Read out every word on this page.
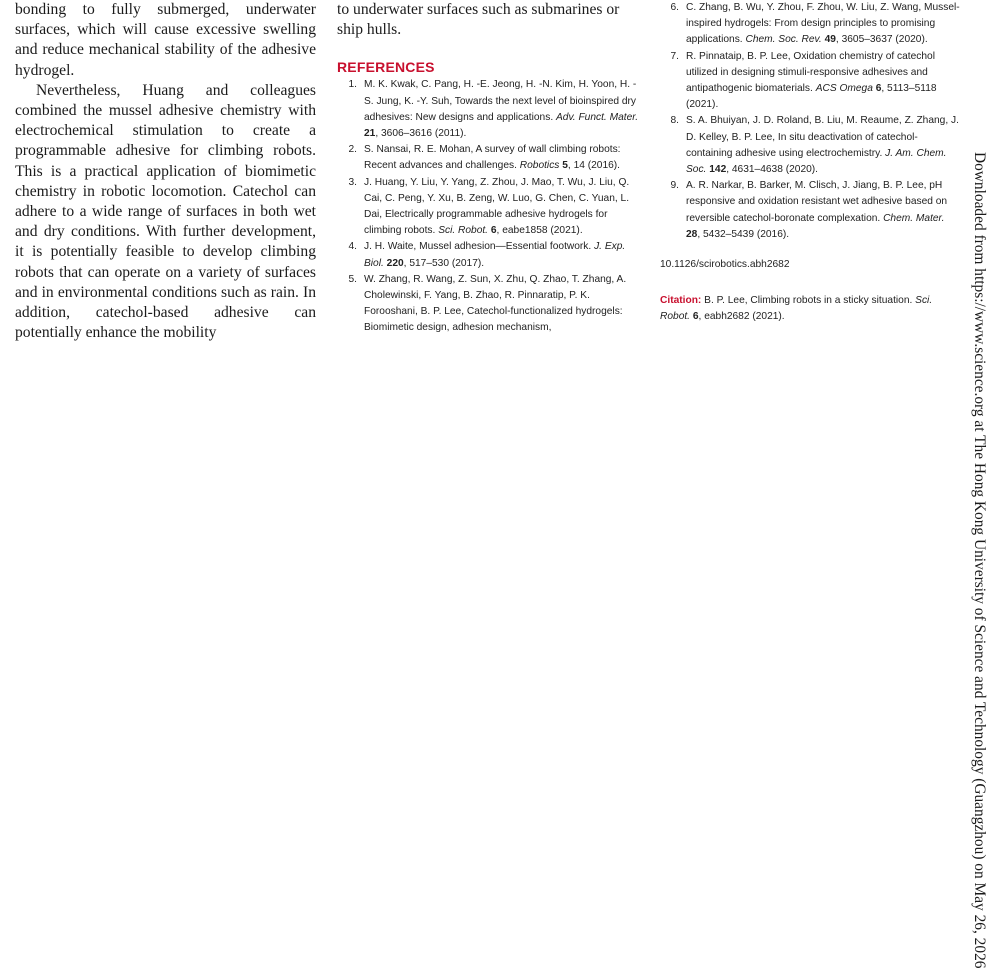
bonding to fully submerged, underwater surfaces, which will cause excessive swelling and reduce mechanical stability of the adhesive hydrogel.

Nevertheless, Huang and colleagues combined the mussel adhesive chemistry with electrochemical stimulation to create a programmable adhesive for climbing robots. This is a practical application of biomimetic chemistry in robotic locomotion. Catechol can adhere to a wide range of surfaces in both wet and dry conditions. With further development, it is potentially feasible to develop climbing robots that can operate on a variety of surfaces and in environmental conditions such as rain. In addition, catechol-based adhesive can potentially enhance the mobility

to underwater surfaces such as submarines or ship hulls.

REFERENCES
1. M. K. Kwak, C. Pang, H. -E. Jeong, H. -N. Kim, H. Yoon, H. -S. Jung, K. -Y. Suh, Towards the next level of bioinspired dry adhesives: New designs and applications. Adv. Funct. Mater. 21, 3606–3616 (2011).
2. S. Nansai, R. E. Mohan, A survey of wall climbing robots: Recent advances and challenges. Robotics 5, 14 (2016).
3. J. Huang, Y. Liu, Y. Yang, Z. Zhou, J. Mao, T. Wu, J. Liu, Q. Cai, C. Peng, Y. Xu, B. Zeng, W. Luo, G. Chen, C. Yuan, L. Dai, Electrically programmable adhesive hydrogels for climbing robots. Sci. Robot. 6, eabe1858 (2021).
4. J. H. Waite, Mussel adhesion—Essential footwork. J. Exp. Biol. 220, 517–530 (2017).
5. W. Zhang, R. Wang, Z. Sun, X. Zhu, Q. Zhao, T. Zhang, A. Cholewinski, F. Yang, B. Zhao, R. Pinnaratip, P. K. Forooshani, B. P. Lee, Catechol-functionalized hydrogels: Biomimetic design, adhesion mechanism,
6. C. Zhang, B. Wu, Y. Zhou, F. Zhou, W. Liu, Z. Wang, Mussel-inspired hydrogels: From design principles to promising applications. Chem. Soc. Rev. 49, 3605–3637 (2020).
7. R. Pinnataip, B. P. Lee, Oxidation chemistry of catechol utilized in designing stimuli-responsive adhesives and antipathogenic biomaterials. ACS Omega 6, 5113–5118 (2021).
8. S. A. Bhuiyan, J. D. Roland, B. Liu, M. Reaume, Z. Zhang, J. D. Kelley, B. P. Lee, In situ deactivation of catechol-containing adhesive using electrochemistry. J. Am. Chem. Soc. 142, 4631–4638 (2020).
9. A. R. Narkar, B. Barker, M. Clisch, J. Jiang, B. P. Lee, pH responsive and oxidation resistant wet adhesive based on reversible catechol-boronate complexation. Chem. Mater. 28, 5432–5439 (2016).
10.1126/scirobotics.abh2682
Citation: B. P. Lee, Climbing robots in a sticky situation. Sci. Robot. 6, eabh2682 (2021).	Downloaded from https://www.science.org at The Hong Kong University of Science and Technology (Guangzhou) on May 26, 2026
